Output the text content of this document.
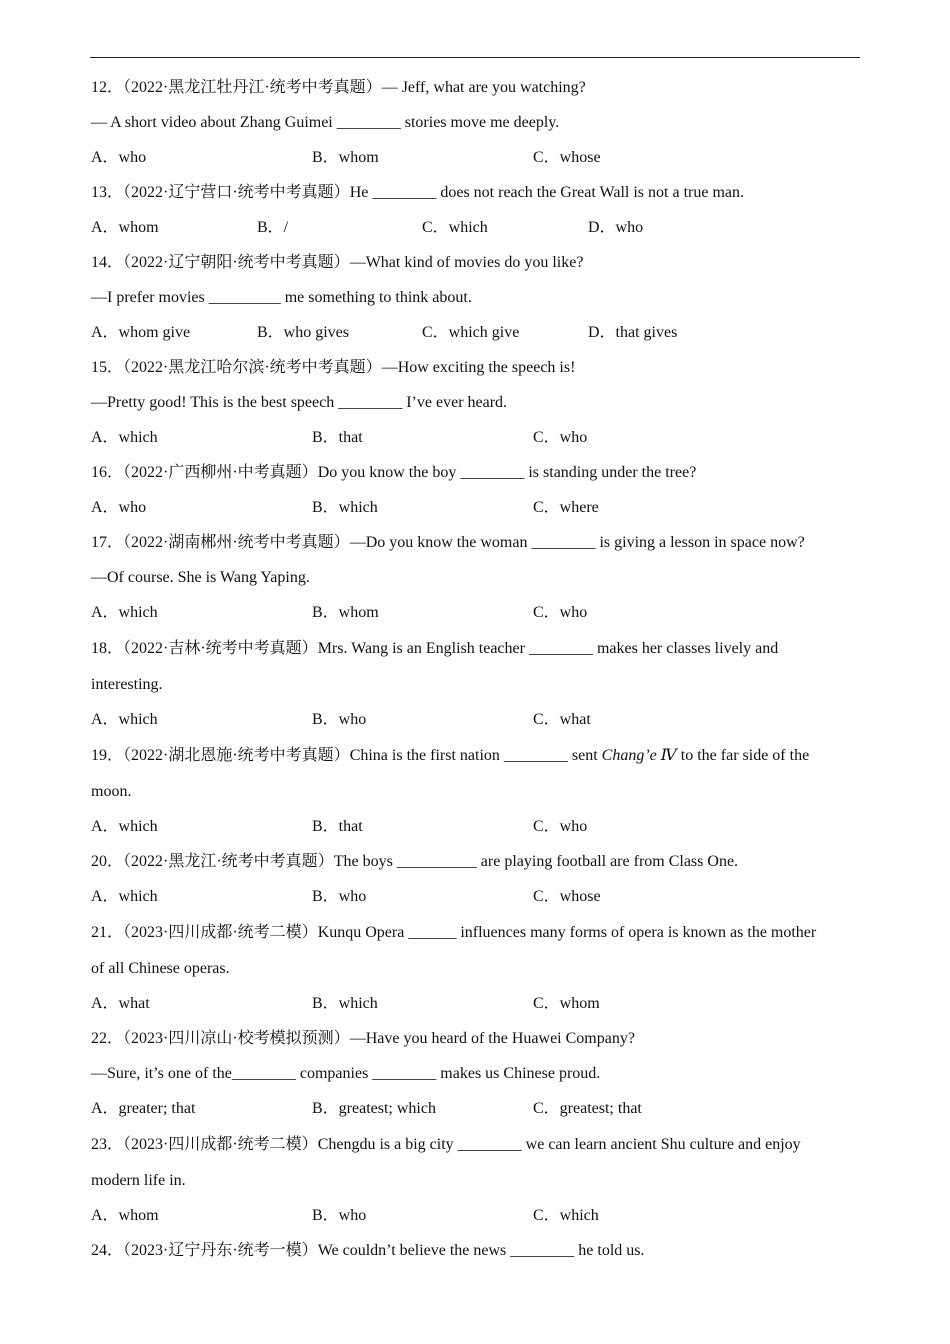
12．（2022·黑龙江牡丹江·统考中考真题）— Jeff, what are you watching?
— A short video about Zhang Guimei ________ stories move me deeply.
A．who	B．whom	C．whose
13．（2022·辽宁营口·统考中考真题）He ________ does not reach the Great Wall is not a true man.
A．whom	B．/	C．which	D．who
14．（2022·辽宁朝阳·统考中考真题）—What kind of movies do you like?
—I prefer movies _________ me something to think about.
A．whom give	B．who gives	C．which give	D．that gives
15．（2022·黑龙江哈尔滨·统考中考真题）—How exciting the speech is!
—Pretty good! This is the best speech ________ I’ve ever heard.
A．which	B．that	C．who
16．（2022·广西柳州·中考真题）Do you know the boy ________ is standing under the tree?
A．who	B．which	C．where
17．（2022·湖南郴州·统考中考真题）—Do you know the woman ________ is giving a lesson in space now?
—Of course. She is Wang Yaping.
A．which	B．whom	C．who
18．（2022·吉林·统考中考真题）Mrs. Wang is an English teacher ________ makes her classes lively and
interesting.
A．which	B．who	C．what
19．（2022·湖北恩施·统考中考真题）China is the first nation ________ sent Chang’e Ⅳ to the far side of the
moon.
A．which	B．that	C．who
20．（2022·黑龙江·统考中考真题）The boys __________ are playing football are from Class One.
A．which	B．who	C．whose
21．（2023·四川成都·统考二模）Kunqu Opera ______ influences many forms of opera is known as the mother
of all Chinese operas.
A．what	B．which	C．whom
22．（2023·四川凉山·校考模拟预测）—Have you heard of the Huawei Company?
—Sure, it’s one of the________ companies ________ makes us Chinese proud.
A．greater; that	B．greatest; which	C．greatest; that
23．（2023·四川成都·统考二模）Chengdu is a big city ________ we can learn ancient Shu culture and enjoy
modern life in.
A．whom	B．who	C．which
24．（2023·辽宁丹东·统考一模）We couldn’t believe the news ________ he told us.
